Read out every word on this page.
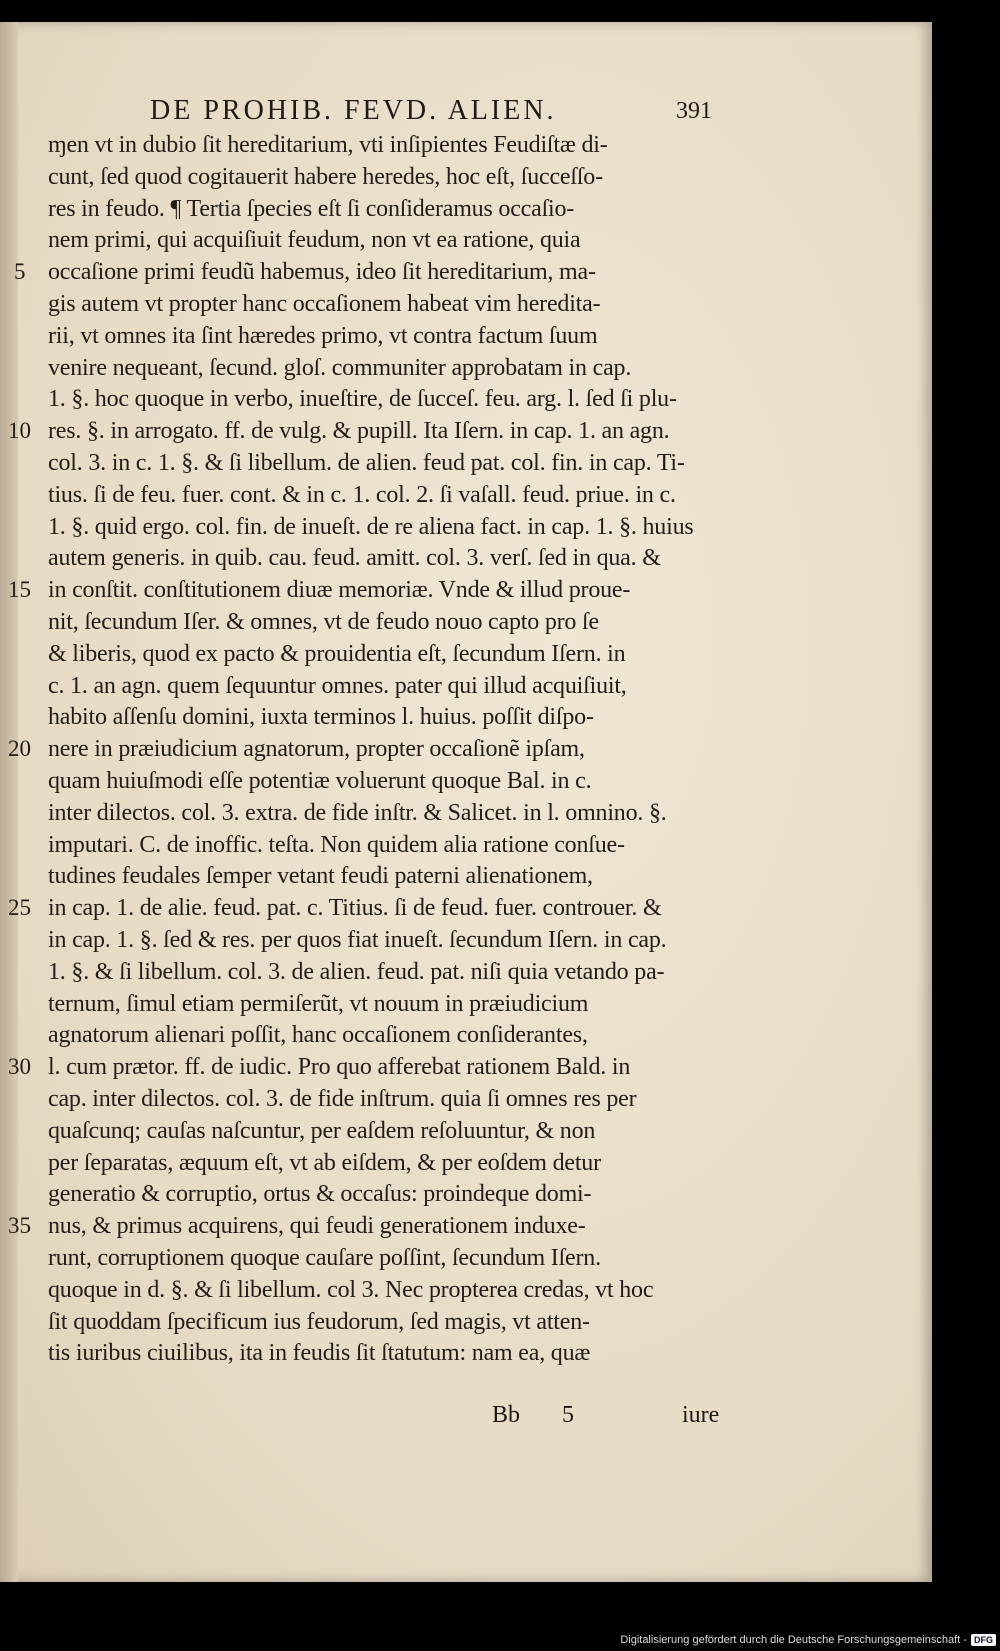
DE PROHIB. FEVD. ALIEN.	391
ɱen vt in dubio ſit hereditarium, vti inſipientes Feudiſtæ di-
cunt, ſed quod cogitauerit habere heredes, hoc eſt, ſucceſſo-
res in feudo. ¶ Tertia ſpecies eſt ſi conſideramus occaſio-
nem primi, qui acquiſiuit feudum, non vt ea ratione, quia
occaſione primi feudũ habemus, ideo ſit hereditarium, ma-
gis autem vt propter hanc occaſionem habeat vim heredita-
rii, vt omnes ita ſint hæredes primo, vt contra factum ſuum
venire nequeant, ſecund. gloſ. communiter approbatam in cap.
1. §. hoc quoque in verbo, inueſtire, de ſucceſ. feu. arg. l. ſed ſi plu-
res. §. in arrogato. ff. de vulg. & pupill. Ita Iſern. in cap. 1. an agn.
col. 3. in c. 1. §. & ſi libellum. de alien. feud pat. col. fin. in cap. Ti-
tius. ſi de feu. fuer. cont. & in c. 1. col. 2. ſi vaſall. feud. priue. in c.
1. §. quid ergo. col. fin. de inueſt. de re aliena fact. in cap. 1. §. huius
autem generis. in quib. cau. feud. amitt. col. 3. verſ. ſed in qua. &
in conſtit. conſtitutionem diuæ memoriæ. Vnde & illud proue-
nit, ſecundum Iſer. & omnes, vt de feudo nouo capto pro ſe
& liberis, quod ex pacto & prouidentia eſt, ſecundum Iſern. in
c. 1. an agn. quem ſequuntur omnes. pater qui illud acquiſiuit,
habito aſſenſu domini, iuxta terminos l. huius. poſſit diſpo-
nere in præiudicium agnatorum, propter occaſionẽ ipſam,
quam huiuſmodi eſſe potentiæ voluerunt quoque Bal. in c.
inter dilectos. col. 3. extra. de fide inſtr. & Salicet. in l. omnino. §.
imputari. C. de inoffic. teſta. Non quidem alia ratione conſue-
tudines feudales ſemper vetant feudi paterni alienationem,
in cap. 1. de alie. feud. pat. c. Titius. ſi de feud. fuer. controuer. &
in cap. 1. §. ſed & res. per quos fiat inueſt. ſecundum Iſern. in cap.
1. §. & ſi libellum. col. 3. de alien. feud. pat. niſi quia vetando pa-
ternum, ſimul etiam permiſerũt, vt nouum in præiudicium
agnatorum alienari poſſit, hanc occaſionem conſiderantes,
l. cum prætor. ff. de iudic. Pro quo afferebat rationem Bald. in
cap. inter dilectos. col. 3. de fide inſtrum. quia ſi omnes res per
quaſcunq; cauſas naſcuntur, per eaſdem reſoluuntur, & non
per ſeparatas, æquum eſt, vt ab eiſdem, & per eoſdem detur
generatio & corruptio, ortus & occaſus: proindeque domi-
nus, & primus acquirens, qui feudi generationem induxe-
runt, corruptionem quoque cauſare poſſint, ſecundum Iſern.
quoque in d. §. & ſi libellum. col 3. Nec propterea credas, vt hoc
ſit quoddam ſpecificum ius feudorum, ſed magis, vt atten-
tis iuribus ciuilibus, ita in feudis ſit ſtatutum: nam ea, quæ
5
10
15
20
25
30
35
Bb 5	iure
Digitalisierung gefördert durch die Deutsche Forschungsgemeinschaft - DFG
